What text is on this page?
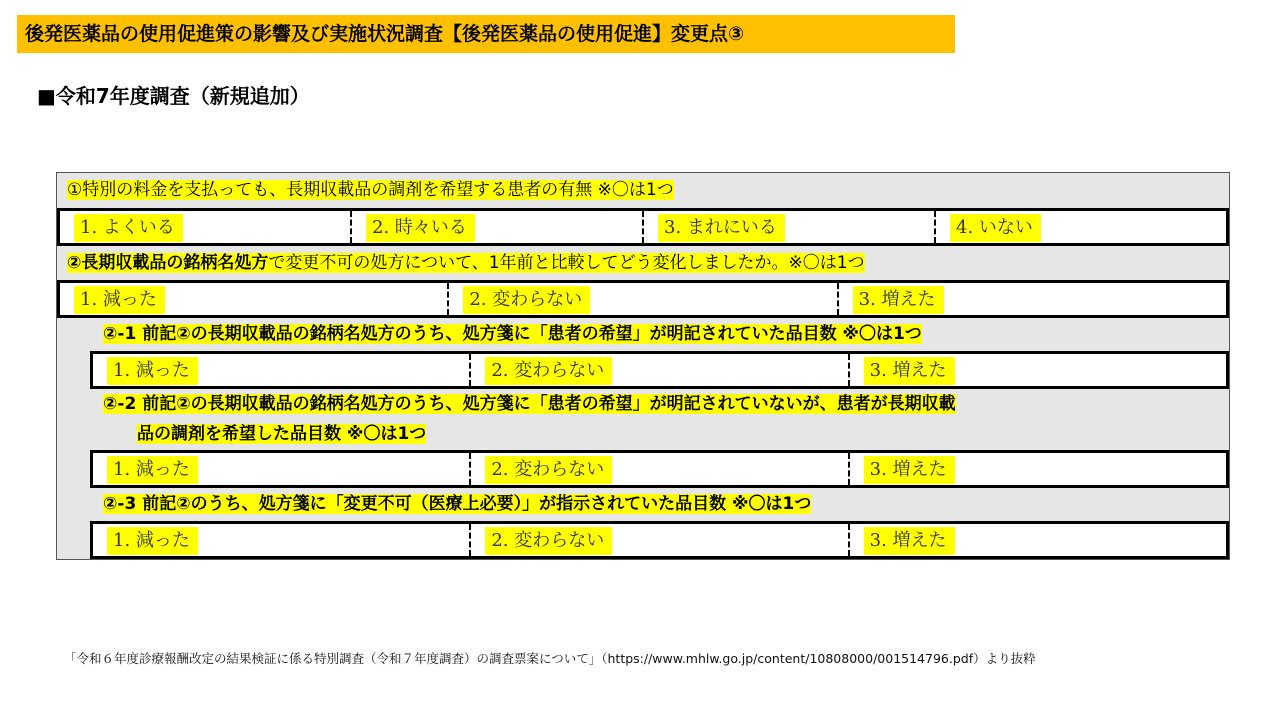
後発医薬品の使用促進策の影響及び実施状況調査【後発医薬品の使用促進】変更点③
■令和7年度調査（新規追加）
①特別の料金を支払っても、長期収載品の調剤を希望する患者の有無 ※〇は1つ
1. よくいる	2. 時々いる	3. まれにいる	4. いない
②長期収載品の銘柄名処方で変更不可の処方について、1年前と比較してどう変化しましたか。※〇は1つ
1. 減った	2. 変わらない	3. 増えた
②-1 前記②の長期収載品の銘柄名処方のうち、処方箋に「患者の希望」が明記されていた品目数 ※〇は1つ
1. 減った	2. 変わらない	3. 増えた
②-2 前記②の長期収載品の銘柄名処方のうち、処方箋に「患者の希望」が明記されていないが、患者が長期収載
品の調剤を希望した品目数 ※〇は1つ
1. 減った	2. 変わらない	3. 増えた
②-3 前記②のうち、処方箋に「変更不可（医療上必要）」が指示されていた品目数 ※〇は1つ
1. 減った	2. 変わらない	3. 増えた
「令和６年度診療報酬改定の結果検証に係る特別調査（令和７年度調査）の調査票案について」（https://www.mhlw.go.jp/content/10808000/001514796.pdf）より抜粋
